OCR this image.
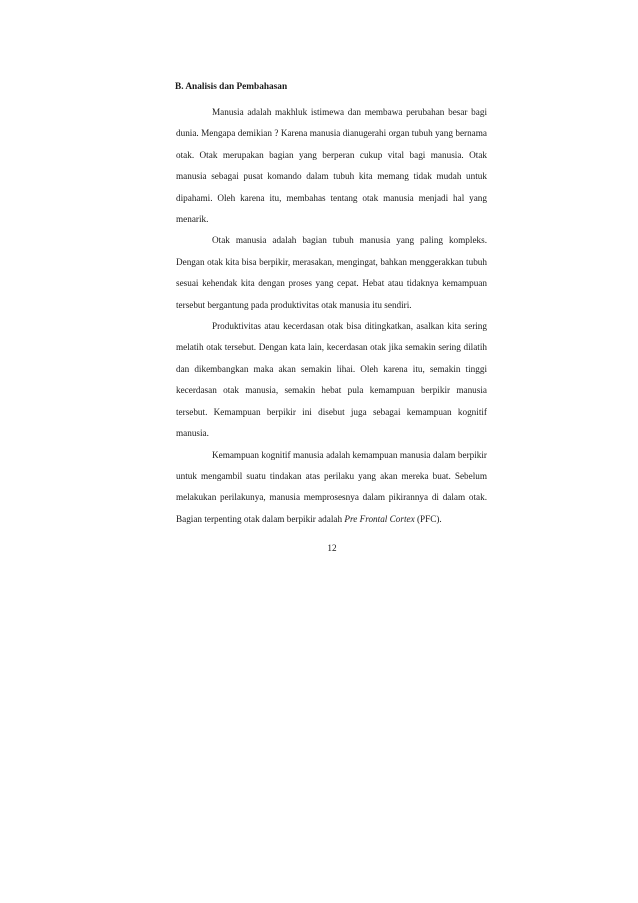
B. Analisis dan Pembahasan

Manusia adalah makhluk istimewa dan membawa perubahan besar bagi dunia. Mengapa demikian ? Karena manusia dianugerahi organ tubuh yang bernama otak. Otak merupakan bagian yang berperan cukup vital bagi manusia. Otak manusia sebagai pusat komando dalam tubuh kita memang tidak mudah untuk dipahami. Oleh karena itu, membahas tentang otak manusia menjadi hal yang menarik.

Otak manusia adalah bagian tubuh manusia yang paling kompleks. Dengan otak kita bisa berpikir, merasakan, mengingat, bahkan menggerakkan tubuh sesuai kehendak kita dengan proses yang cepat. Hebat atau tidaknya kemampuan tersebut bergantung pada produktivitas otak manusia itu sendiri.

Produktivitas atau kecerdasan otak bisa ditingkatkan, asalkan kita sering melatih otak tersebut. Dengan kata lain, kecerdasan otak jika semakin sering dilatih dan dikembangkan maka akan semakin lihai. Oleh karena itu, semakin tinggi kecerdasan otak manusia, semakin hebat pula kemampuan berpikir manusia tersebut. Kemampuan berpikir ini disebut juga sebagai kemampuan kognitif manusia.

Kemampuan kognitif manusia adalah kemampuan manusia dalam berpikir untuk mengambil suatu tindakan atas perilaku yang akan mereka buat. Sebelum melakukan perilakunya, manusia memprosesnya dalam pikirannya di dalam otak. Bagian terpenting otak dalam berpikir adalah Pre Frontal Cortex (PFC).

12
